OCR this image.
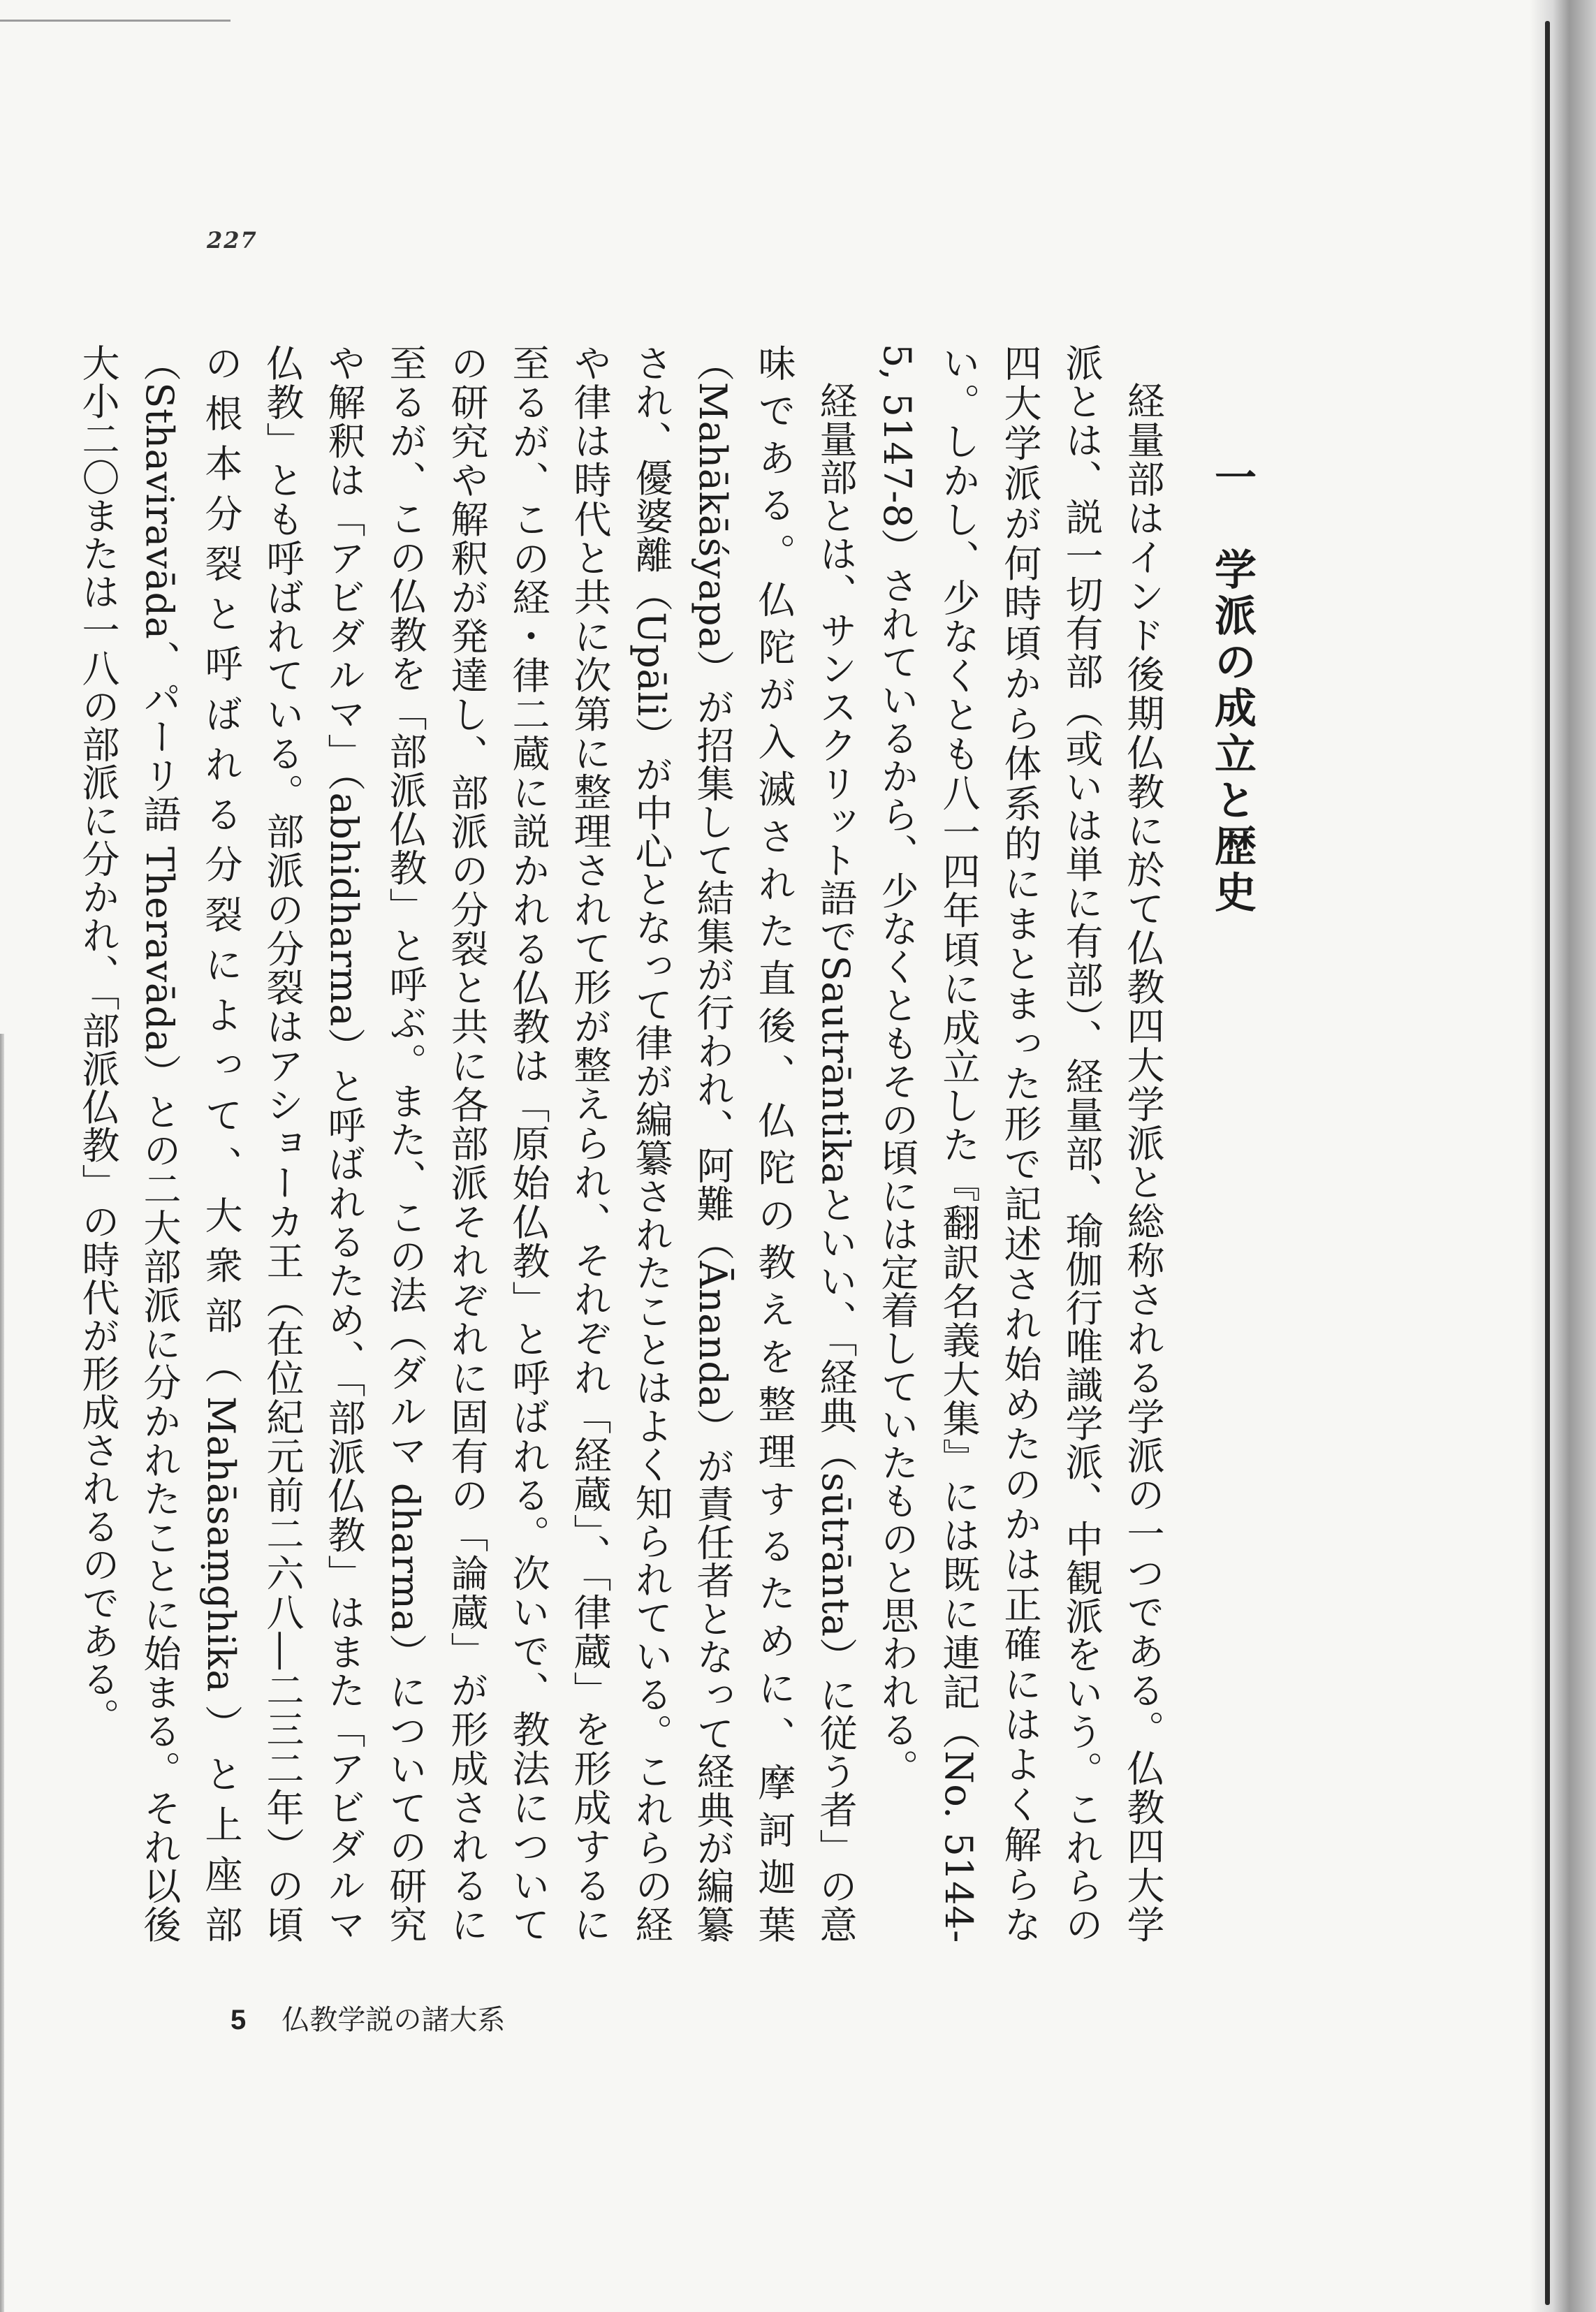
227
一　学派の成立と歴史

経量部はインド後期仏教に於て仏教四大学派と総称される学派の一つである。仏教四大学派とは、説一切有部（或いは単に有部）、経量部、瑜伽行唯識学派、中観派をいう。これらの四大学派が何時頃から体系的にまとまった形で記述され始めたのかは正確にはよく解らない。しかし、少なくとも八一四年頃に成立した『翻訳名義大集』には既に連記（No. 5144-5, 5147-8）されているから、少なくともその頃には定着していたものと思われる。

経量部とは、サンスクリット語でSautrāntikaといい、「経典（sūtrānta）に従う者」の意味である。仏陀が入滅された直後、仏陀の教えを整理するために、摩訶迦葉（Mahākāśyapa）が招集して結集が行われ、阿難（Ānanda）が責任者となって経典が編纂され、優婆離（Upāli）が中心となって律が編纂されたことはよく知られている。これらの経や律は時代と共に次第に整理されて形が整えられ、それぞれ「経蔵」、「律蔵」を形成するに至るが、この経・律二蔵に説かれる仏教は「原始仏教」と呼ばれる。次いで、教法についての研究や解釈が発達し、部派の分裂と共に各部派それぞれに固有の「論蔵」が形成されるに至るが、この仏教を「部派仏教」と呼ぶ。また、この法（ダルマ dharma）についての研究や解釈は「アビダルマ」（abhidharma）と呼ばれるため、「部派仏教」はまた「アビダルマ仏教」とも呼ばれている。部派の分裂はアショーカ王（在位紀元前二六八―二三二年）の頃の根本分裂と呼ばれる分裂によって、大衆部（Mahāsaṃghika）と上座部（Sthaviravāda、パーリ語 Theravāda）との二大部派に分かれたことに始まる。それ以後大小二〇または一八の部派に分かれ、「部派仏教」の時代が形成されるのである。

5 仏教学説の諸大系
